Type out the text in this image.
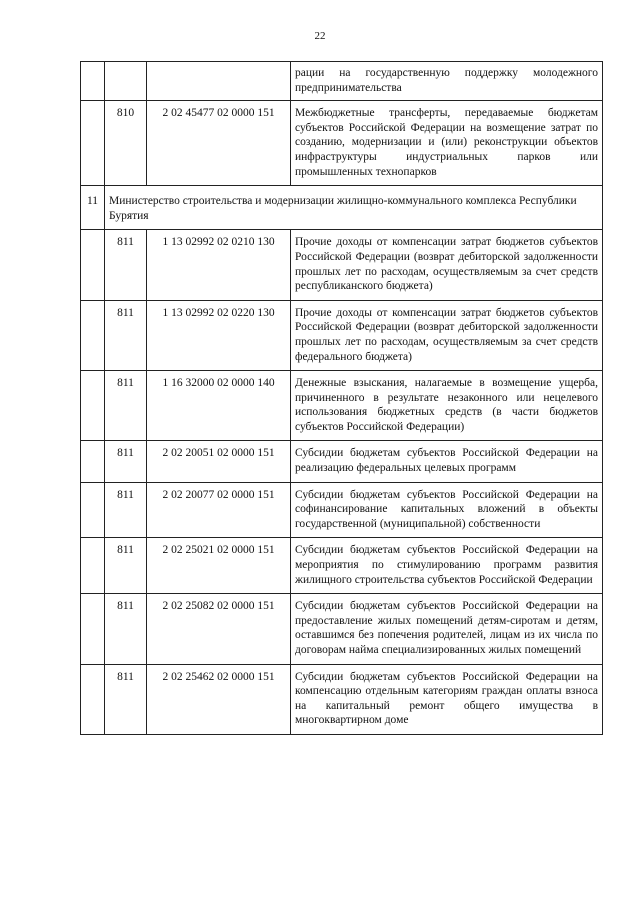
22
			рации на государственную поддержку молодежного предпринимательства
	810	2 02 45477 02 0000 151	Межбюджетные трансферты, передаваемые бюджетам субъектов Российской Федерации на возмещение затрат по созданию, модернизации и (или) реконструкции объектов инфраструктуры индустриальных парков или промышленных технопарков
11	Министерство строительства и модернизации жилищно-коммунального комплекса Республики Бурятия		
	811	1 13 02992 02 0210 130	Прочие доходы от компенсации затрат бюджетов субъектов Российской Федерации (возврат дебиторской задолженности прошлых лет по расходам, осуществляемым за счет средств республиканского бюджета)
	811	1 13 02992 02 0220 130	Прочие доходы от компенсации затрат бюджетов субъектов Российской Федерации (возврат дебиторской задолженности прошлых лет по расходам, осуществляемым за счет средств федерального бюджета)
	811	1 16 32000 02 0000 140	Денежные взыскания, налагаемые в возмещение ущерба, причиненного в результате незаконного или нецелевого использования бюджетных средств (в части бюджетов субъектов Российской Федерации)
	811	2 02 20051 02 0000 151	Субсидии бюджетам субъектов Российской Федерации на реализацию федеральных целевых программ
	811	2 02 20077 02 0000 151	Субсидии бюджетам субъектов Российской Федерации на софинансирование капитальных вложений в объекты государственной (муниципальной) собственности
	811	2 02 25021 02 0000 151	Субсидии бюджетам субъектов Российской Федерации на мероприятия по стимулированию программ развития жилищного строительства субъектов Российской Федерации
	811	2 02 25082 02 0000 151	Субсидии бюджетам субъектов Российской Федерации на предоставление жилых помещений детям-сиротам и детям, оставшимся без попечения родителей, лицам из их числа по договорам найма специализированных жилых помещений
	811	2 02 25462 02 0000 151	Субсидии бюджетам субъектов Российской Федерации на компенсацию отдельным категориям граждан оплаты взноса на капитальный ремонт общего имущества в многоквартирном доме
